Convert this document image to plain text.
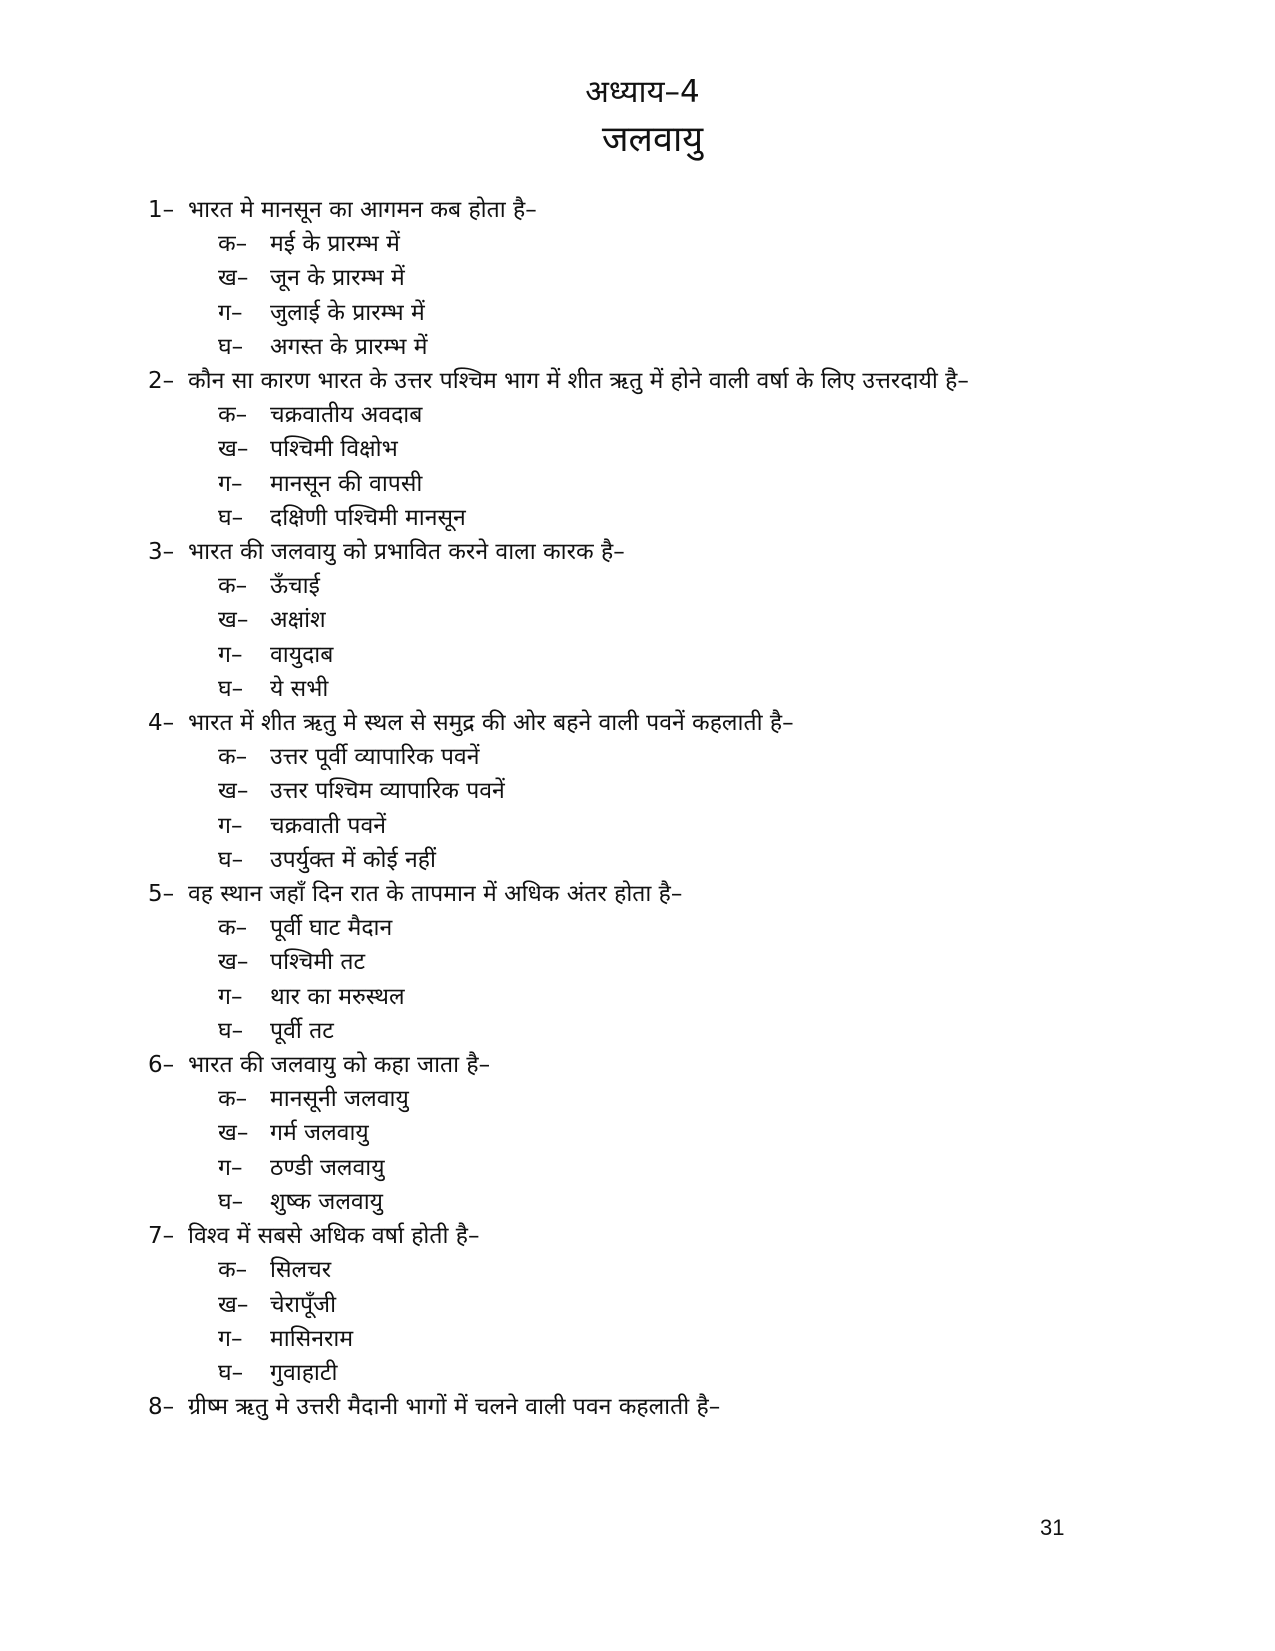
अध्याय–4
जलवायु
1– भारत मे मानसून का आगमन कब होता है–
क– मई के प्रारम्भ में
ख– जून के प्रारम्भ में
ग–	जुलाई के प्रारम्भ में
घ–	अगस्त के प्रारम्भ में
2– कौन सा कारण भारत के उत्तर पश्चिम भाग में शीत ऋतु में होने वाली वर्षा के लिए उत्तरदायी है–
क– चक्रवातीय अवदाब
ख– पश्चिमी विक्षोभ
ग–	मानसून की वापसी
घ–	दक्षिणी पश्चिमी मानसून
3– भारत की जलवायु को प्रभावित करने वाला कारक है–
क– ऊँचाई
ख– अक्षांश
ग–	वायुदाब
घ–	ये सभी
4– भारत में शीत ऋतु मे स्थल से समुद्र की ओर बहने वाली पवनें कहलाती है–
क– उत्तर पूर्वी व्यापारिक पवनें
ख– उत्तर पश्चिम व्यापारिक पवनें
ग–	चक्रवाती पवनें
घ–	उपर्युक्त में कोई नहीं
5– वह स्थान जहाँ दिन रात के तापमान में अधिक अंतर होता है–
क– पूर्वी घाट मैदान
ख– पश्चिमी तट
ग–	थार का मरुस्थल
घ–	पूर्वी तट
6– भारत की जलवायु को कहा जाता है–
क– मानसूनी जलवायु
ख– गर्म जलवायु
ग–	ठण्डी जलवायु
घ–	शुष्क जलवायु
7– विश्व में सबसे अधिक वर्षा होती है–
क– सिलचर
ख– चेरापूँजी
ग–	मासिनराम
घ–	गुवाहाटी
8– ग्रीष्म ऋतु मे उत्तरी मैदानी भागों में चलने वाली पवन कहलाती है–
31
